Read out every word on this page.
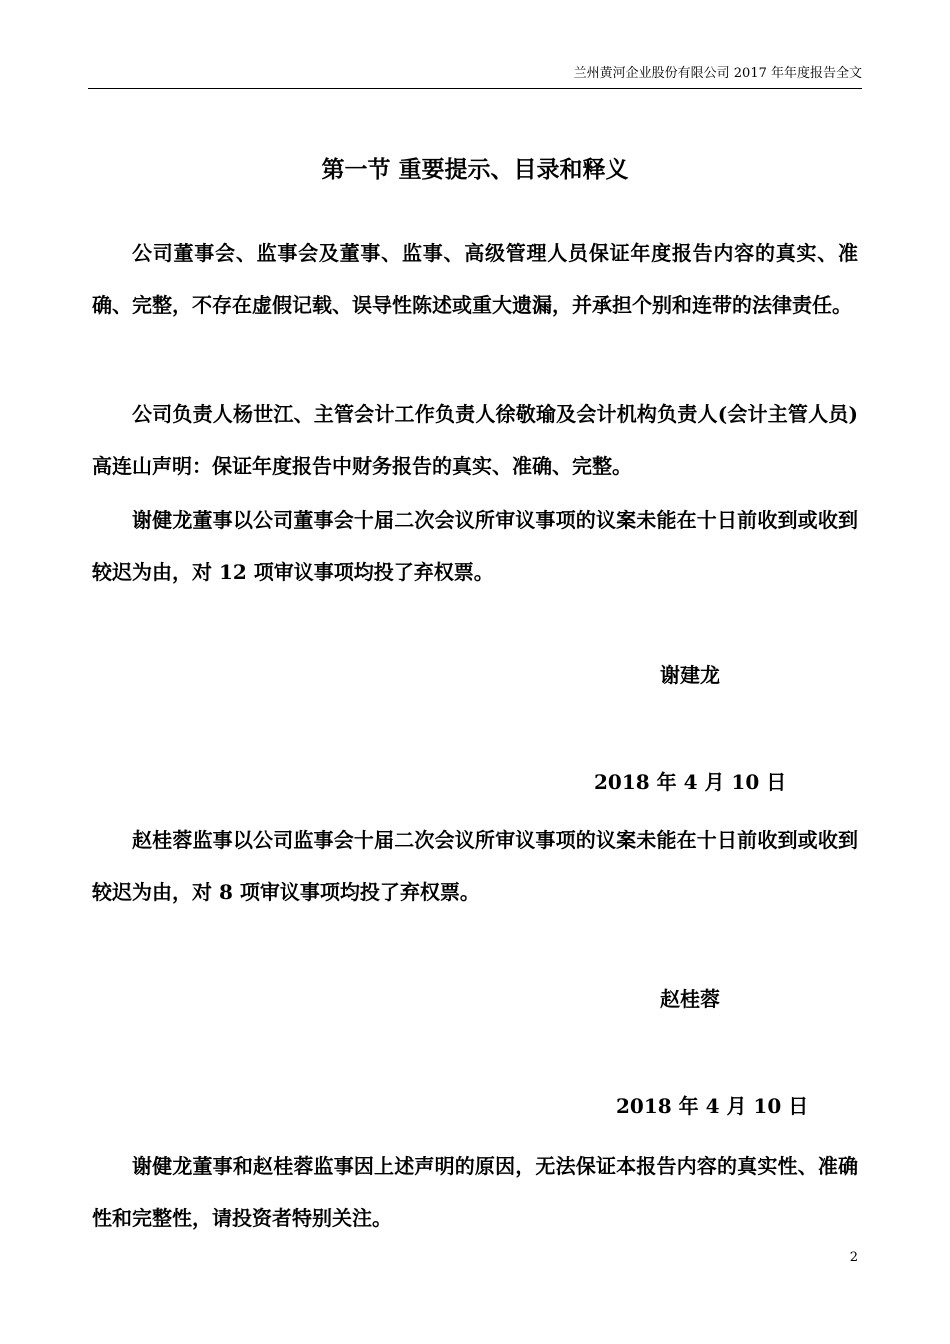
兰州黄河企业股份有限公司 2017 年年度报告全文
第一节 重要提示、目录和释义

公司董事会、监事会及董事、监事、高级管理人员保证年度报告内容的真实、准确、完整，不存在虚假记载、误导性陈述或重大遗漏，并承担个别和连带的法律责任。

公司负责人杨世江、主管会计工作负责人徐敬瑜及会计机构负责人(会计主管人员)高连山声明：保证年度报告中财务报告的真实、准确、完整。

谢健龙董事以公司董事会十届二次会议所审议事项的议案未能在十日前收到或收到较迟为由，对 12 项审议事项均投了弃权票。

谢建龙
2018 年 4 月 10 日

赵桂蓉监事以公司监事会十届二次会议所审议事项的议案未能在十日前收到或收到较迟为由，对 8 项审议事项均投了弃权票。

赵桂蓉
2018 年 4 月 10 日

谢健龙董事和赵桂蓉监事因上述声明的原因，无法保证本报告内容的真实性、准确性和完整性，请投资者特别关注。

2
